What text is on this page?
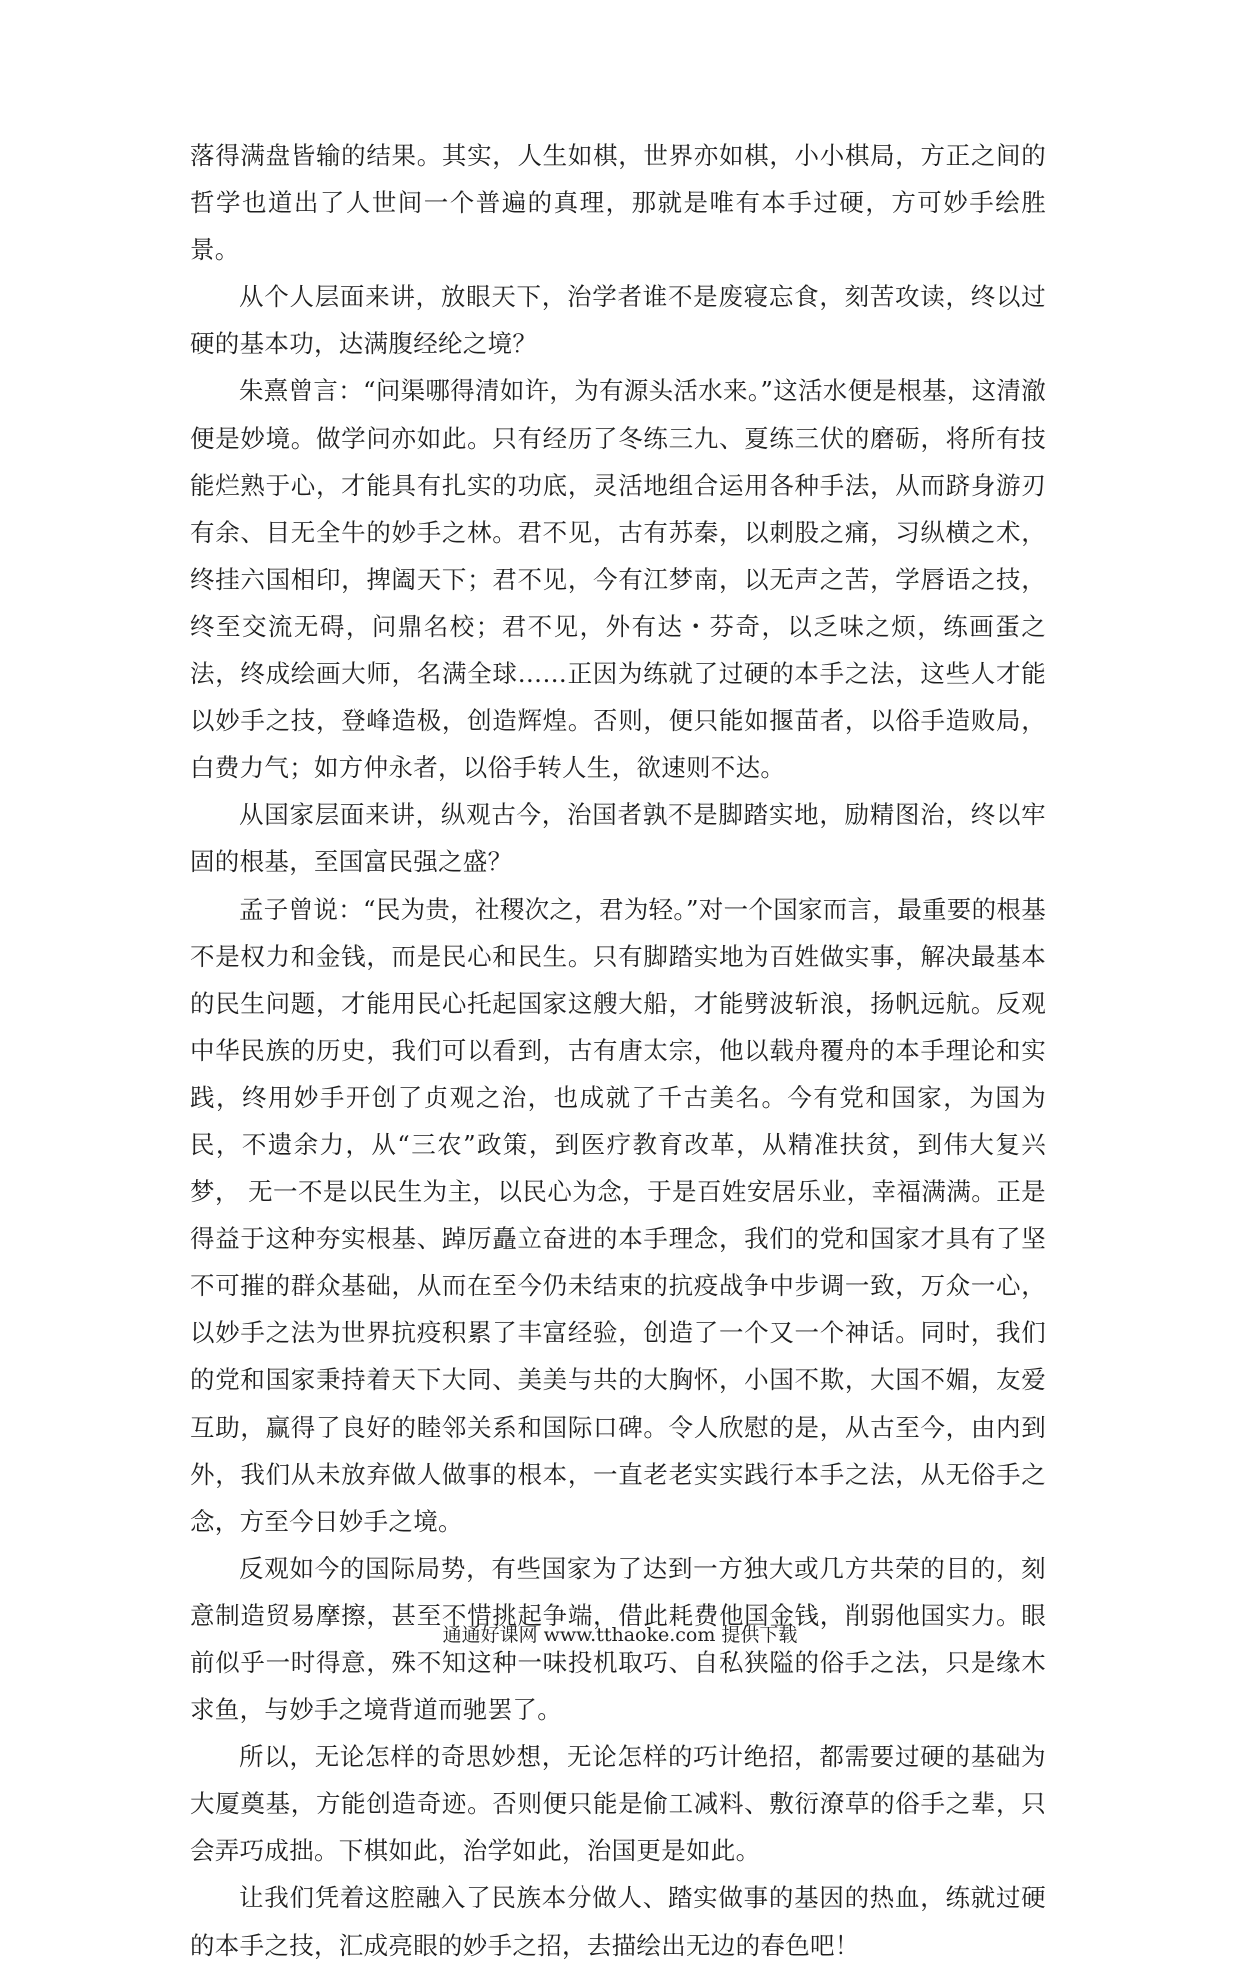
落得满盘皆输的结果。其实，人生如棋，世界亦如棋，小小棋局，方正之间的哲学也道出了人世间一个普遍的真理，那就是唯有本手过硬，方可妙手绘胜景。

从个人层面来讲，放眼天下，治学者谁不是废寝忘食，刻苦攻读，终以过硬的基本功，达满腹经纶之境？

朱熹曾言：“问渠哪得清如许，为有源头活水来。”这活水便是根基，这清澈便是妙境。做学问亦如此。只有经历了冬练三九、夏练三伏的磨砺，将所有技能烂熟于心，才能具有扎实的功底，灵活地组合运用各种手法，从而跻身游刃有余、目无全牛的妙手之林。君不见，古有苏秦，以刺股之痛，习纵横之术，终挂六国相印，捭阖天下；君不见，今有江梦南，以无声之苦，学唇语之技，终至交流无碍，问鼎名校；君不见，外有达・芬奇，以乏味之烦，练画蛋之法，终成绘画大师，名满全球……正因为练就了过硬的本手之法，这些人才能以妙手之技，登峰造极，创造辉煌。否则，便只能如揠苗者，以俗手造败局，白费力气；如方仲永者，以俗手转人生，欲速则不达。

从国家层面来讲，纵观古今，治国者孰不是脚踏实地，励精图治，终以牢固的根基，至国富民强之盛？

孟子曾说：“民为贵，社稷次之，君为轻。”对一个国家而言，最重要的根基不是权力和金钱，而是民心和民生。只有脚踏实地为百姓做实事，解决最基本的民生问题，才能用民心托起国家这艘大船，才能劈波斩浪，扬帆远航。反观中华民族的历史，我们可以看到，古有唐太宗，他以载舟覆舟的本手理论和实践，终用妙手开创了贞观之治，也成就了千古美名。今有党和国家，为国为民，不遗余力，从“三农”政策，到医疗教育改革，从精准扶贫，到伟大复兴梦， 无一不是以民生为主，以民心为念，于是百姓安居乐业，幸福满满。正是得益于这种夯实根基、踔厉矗立奋进的本手理念，我们的党和国家才具有了坚不可摧的群众基础，从而在至今仍未结束的抗疫战争中步调一致，万众一心，以妙手之法为世界抗疫积累了丰富经验，创造了一个又一个神话。同时，我们的党和国家秉持着天下大同、美美与共的大胸怀，小国不欺，大国不媚，友爱互助，赢得了良好的睦邻关系和国际口碑。令人欣慰的是，从古至今，由内到外，我们从未放弃做人做事的根本，一直老老实实践行本手之法，从无俗手之念，方至今日妙手之境。

反观如今的国际局势，有些国家为了达到一方独大或几方共荣的目的，刻意制造贸易摩擦，甚至不惜挑起争端，借此耗费他国金钱，削弱他国实力。眼前似乎一时得意，殊不知这种一味投机取巧、自私狭隘的俗手之法，只是缘木求鱼，与妙手之境背道而驰罢了。

所以，无论怎样的奇思妙想，无论怎样的巧计绝招，都需要过硬的基础为大厦奠基，方能创造奇迹。否则便只能是偷工减料、敷衍潦草的俗手之辈，只会弄巧成拙。下棋如此，治学如此，治国更是如此。

让我们凭着这腔融入了民族本分做人、踏实做事的基因的热血，练就过硬的本手之技，汇成亮眼的妙手之招，去描绘出无边的春色吧！

通通好课网 www.tthaoke.com 提供下载
